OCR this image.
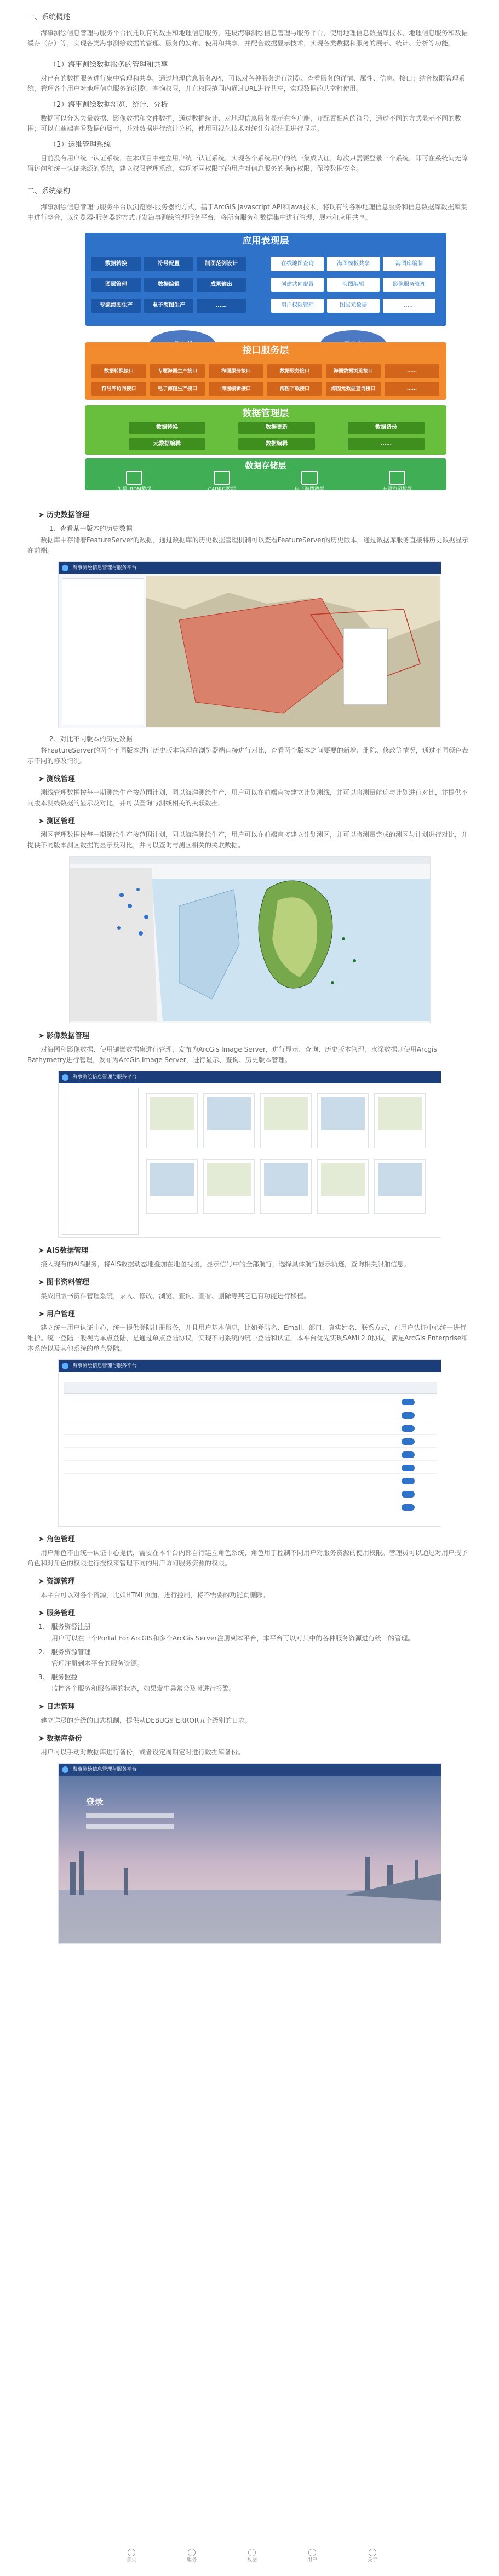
一、系统概述
海事测绘信息管理与服务平台依托现有的数据和地理信息服务，建设海事测绘信息管理与服务平台，使用地理信息数据库技术、地理信息服务和数据缓存（存）等，实现各类海事测绘数据的管理、服务的发布、使用和共享，并配合数据显示技术，实现各类数据和服务的展示、统计、分析等功能。
（1）海事测绘数据服务的管理和共享
对已有的数据服务进行集中管理和共享。通过地理信息服务API，可以对各种服务进行浏览、查看服务的详情、属性、信息、接口；结合权限管理系统，管理各个用户对地理信息服务的浏览、查询权限，并在权限范围内通过URL进行共享，实现数据的共享和使用。
（2）海事测绘数据浏览、统计、分析
数据可以分为矢量数据、影像数据和文件数据，通过数据统计、对地理信息服务显示在客户端，开配置相应的符号，通过不同的方式显示不同的数据；可以在前端查看数据的属性，并对数据进行统计分析，使用可视化技术对统计分析结果进行显示。
（3）运维管理系统
目前没有用户统一认证系统，在本项目中建立用户统一认证系统，实现各个系统用户的统一集成认证，每次只需要登录一个系统，即可在系统间无障碍访问和统一认证来源的系统，建立权限管理系统，实现不同权限下的用户对信息服务的操作权限，保障数据安全。
二、系统架构
海事测绘信息管理与服务平台以浏览器-服务器的方式，基于ArcGIS Javascript API和Java技术，将现有的各种地理信息服务和信息数据库数据库集中进行整合，以浏览器-服务器的方式开发海事测绘管理服务平台，将所有服务和数据集中进行管理、展示和应用共享。
应用表现层
数据转换	符号配置	制图范例设计	在线地图查询	海图模板共享	海图库编制
图层管理	数据编辑	成果输出	创建共同配置	海图编辑	影像服务管理
专题海图生产	电子海图生产	……	用户权限管理	图层元数据	……
接口服务层
数据转换接口	专题海图生产接口	海图服务接口	数据服务接口	海图数据浏览接口	……
符号库访问接口	电子海图生产接口	海图编辑接口	海图下载接口	海图元数据查询接口	……
数据管理层
数据转换	数据更新	数据备份
元数据编辑	数据编辑	……
数据存储层
矢量_BDM数据	CADRG数据	电子海图数据	专题海图数据
➤ 历史数据管理
1、查看某一版本的历史数据
数据库中存储着FeatureServer的数据，通过数据库的历史数据管理机制可以查看FeatureServer的历史版本，通过数据库服务直接将历史数据显示在前端。
海事测绘信息管理与服务平台
2、对比不同版本的历史数据
将FeatureServer的两个不同版本进行历史版本管理在浏览器端直接进行对比，查看两个版本之间要要的新增、删除、修改等情况，通过不同颜色表示不同的修改情况。
➤ 测线管理
测线管理数据按每一期测绘生产按范围计划，同以海洋测绘生产，用户可以在前端直接建立计划测线，并可以将测量航迹与计划进行对比，并提供不同版本测线数据的显示及对比，并可以查询与测线相关的关联数据。
➤ 测区管理
测区管理数据按每一期测绘生产按范围计划，同以海洋测绘生产，用户可以在前端直接建立计划测区，并可以将测量完成的测区与计划进行对比，并提供不同版本测区数据的显示及对比，并可以查询与测区相关的关联数据。
➤ 影像数据管理
对海图和影像数据、使用镶嵌数据集进行管理，发布为ArcGis Image Server，进行显示、查询、历史版本管理，水深数据则使用Arcgis Bathymetry进行管理，发布为ArcGis Image Server，进行显示、查询、历史版本管理。
海事测绘信息管理与服务平台
➤ AIS数据管理
接入现有的AIS服务，将AIS数据动态地叠加在地图视图，显示信号中的全部航行，选择具体航行显示轨迹，查询相关船舶信息。
➤ 图书资料管理
集成旧版书资料管理系统，录入、修改、浏览、查询、查看、删除等其它已有功能进行移植。
➤ 用户管理
建立统一用户认证中心，统一提供登陆注册服务，并且用户基本信息，比如登陆名、Email、部门、真实姓名、联系方式，在用户认证中心统一进行维护。统一登陆一般视为单点登陆，是通过单点登陆协议，实现不同系统的统一登陆和认证。本平台优先实现SAML2.0协议，满足ArcGis Enterprise和本系统以及其他系统的单点登陆。
海事测绘信息管理与服务平台
➤ 角色管理
用户角色不由统一认证中心提供，需要在本平台内部自行建立角色系统，角色用于控制不同用户对服务资源的使用权限。管理员可以通过对用户授予角色和对角色的权限进行授权来管理不同的用户访问服务资源的权限。
➤ 资源管理
本平台可以对各个资源，比如HTML页面、进行控制，将不需要的功能页删除。
➤ 服务管理
1、 服务资源注册
用户可以在一个Portal For ArcGIS和多个ArcGis Server注册到本平台，本平台可以对其中的各种服务资源进行统一的管理。
2、 服务资源管理
管理注册到本平台的服务资源。
3、 服务监控
监控各个服务和服务器的状态，如果发生异常会及时进行报警。
➤ 日志管理
建立详尽的分级的日志机制，提供从DEBUG到ERROR五个级别的日志。
➤ 数据库备份
用户可以手动对数据库进行备份，或者设定周期定时进行数据库备份。
海事测绘信息管理与服务平台
登录
首页	服务	数据	用户	关于
